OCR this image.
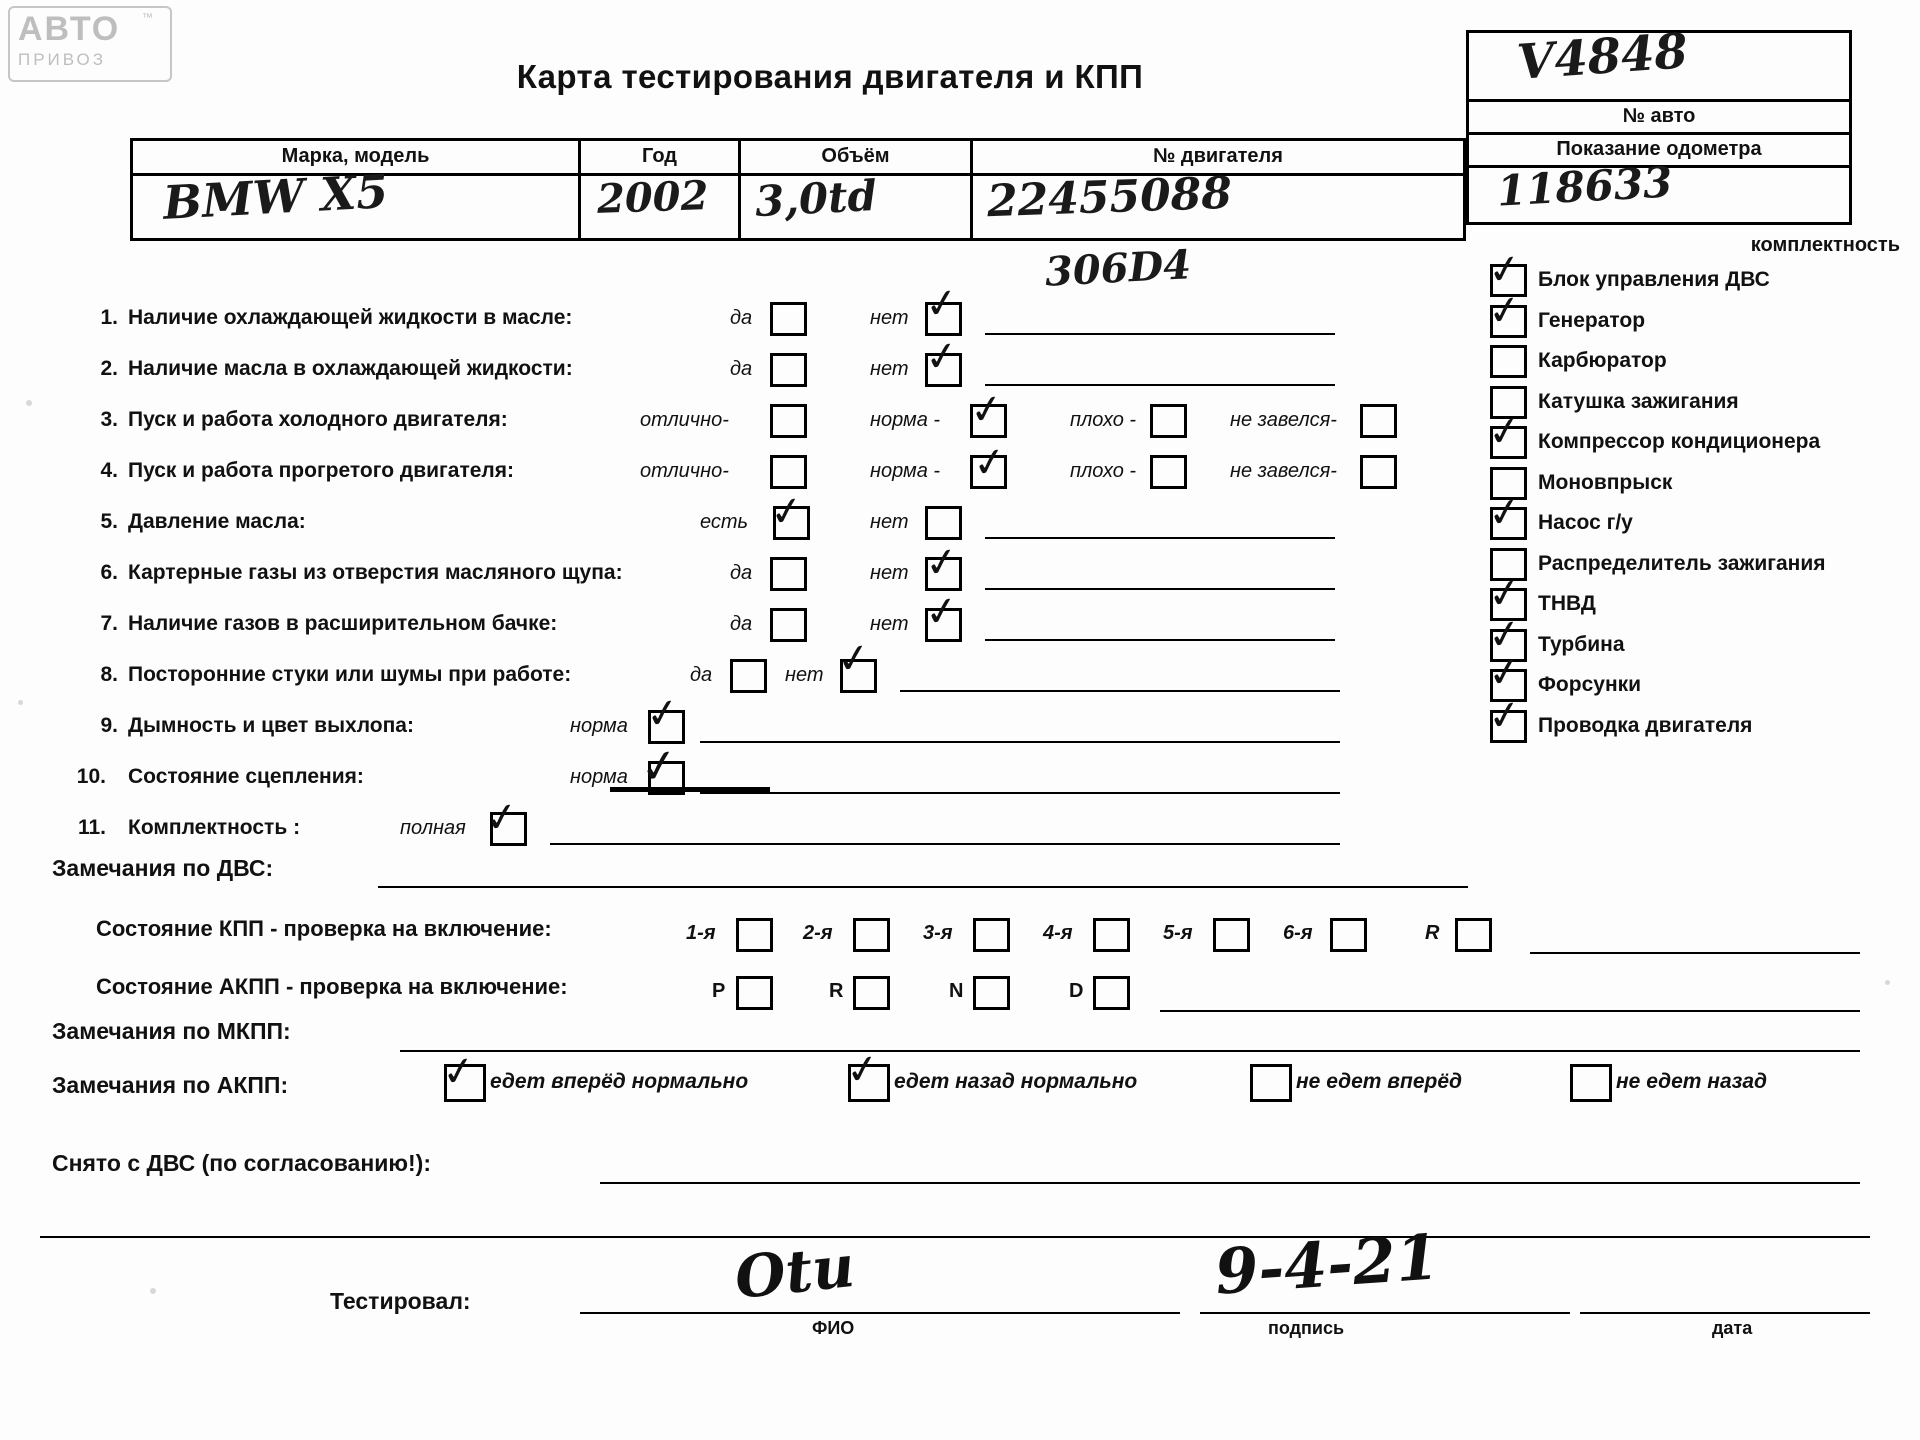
АВТО
ПРИВОЗ
™
Карта тестирования двигателя и КПП	V4848
№ авто
Показание одометра
118633
Марка, модель	Год	Объём	№ двигателя
BMW X5	2002 3,0td 22455088
306D4
1. Наличие охлаждающей жидкости в масле:	да	нет ✓
2. Наличие масла в охлаждающей жидкости:	да	нет ✓
3. Пуск и работа холодного двигателя:	отлично-	норма - ✓	плохо -	не завелся-
4. Пуск и работа прогретого двигателя:	отлично-	норма - ✓	плохо -	не завелся-
5. Давление масла:	есть ✓	нет
6. Картерные газы из отверстия масляного щупа:	да	нет ✓
7. Наличие газов в расширительном бачке:	да	нет ✓
8. Посторонние стуки или шумы при работе:	да	нет ✓
9. Дымность и цвет выхлопа:	норма ✓
10. Состояние сцепления:	норма ✓
11. Комплектность :	полная ✓
комплектность
✓ Блок управления ДВС
✓ Генератор
Карбюратор
Катушка зажигания
✓ Компрессор кондиционера
Моновпрыск
✓ Насос г/у
Распределитель зажигания
✓ ТНВД
✓ Турбина
✓ Форсунки
✓ Проводка двигателя
Замечания по ДВС:
Состояние КПП - проверка на включение:	1-я	2-я	3-я	4-я	5-я	6-я	R
Состояние АКПП - проверка на включение:	P	R	N	D
Замечания по МКПП:
Замечания по АКПП:	✓ едет вперёд нормально ✓ едет назад нормально	не едет вперёд	не едет назад
Снято с ДВС (по согласованию!):
Тестировал:
ФИО	подпись	дата
Оtu	9-4-21
